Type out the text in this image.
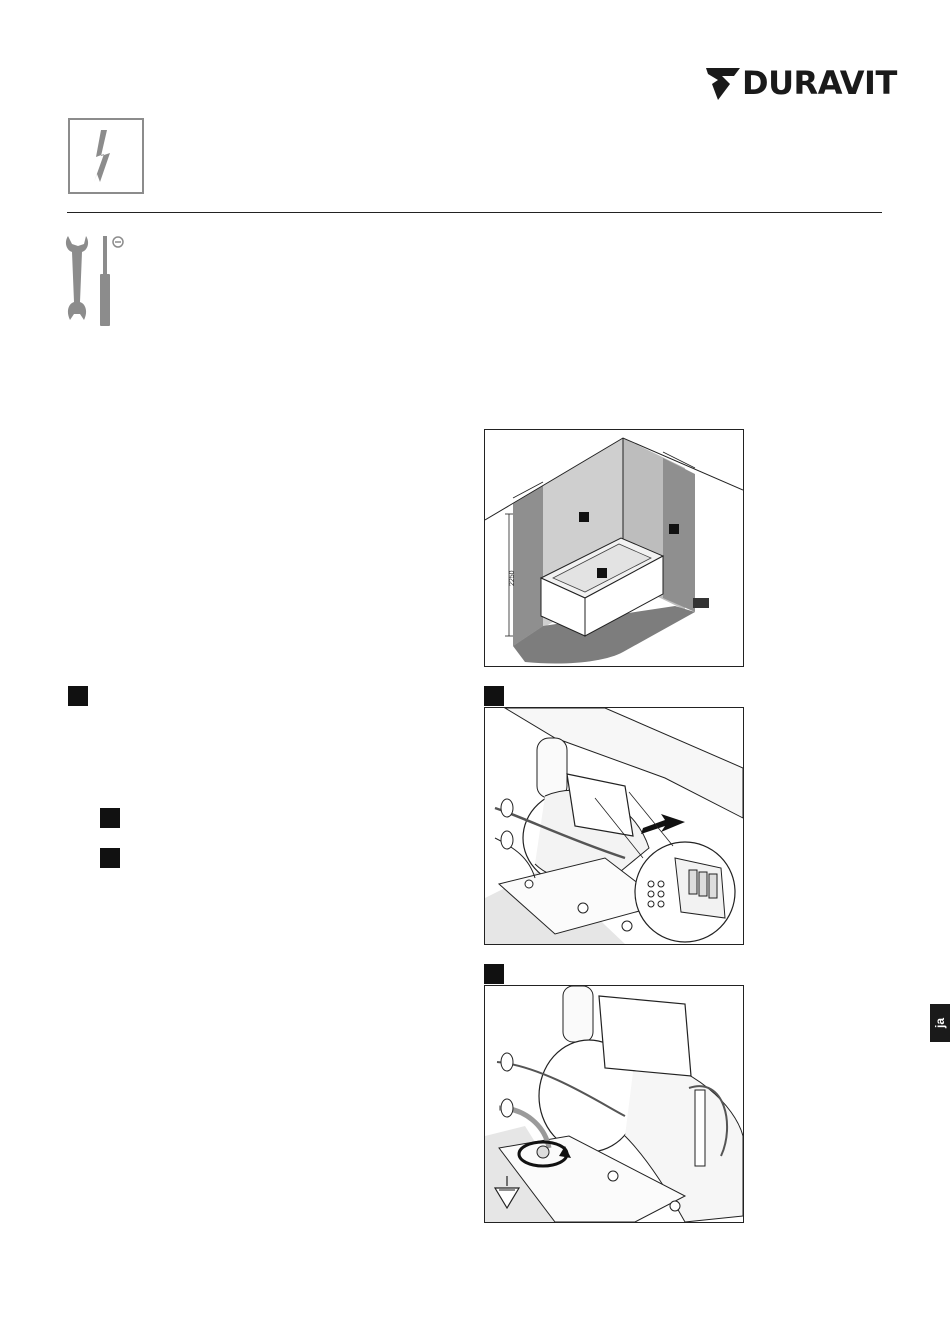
DURAVIT
2250
ja
